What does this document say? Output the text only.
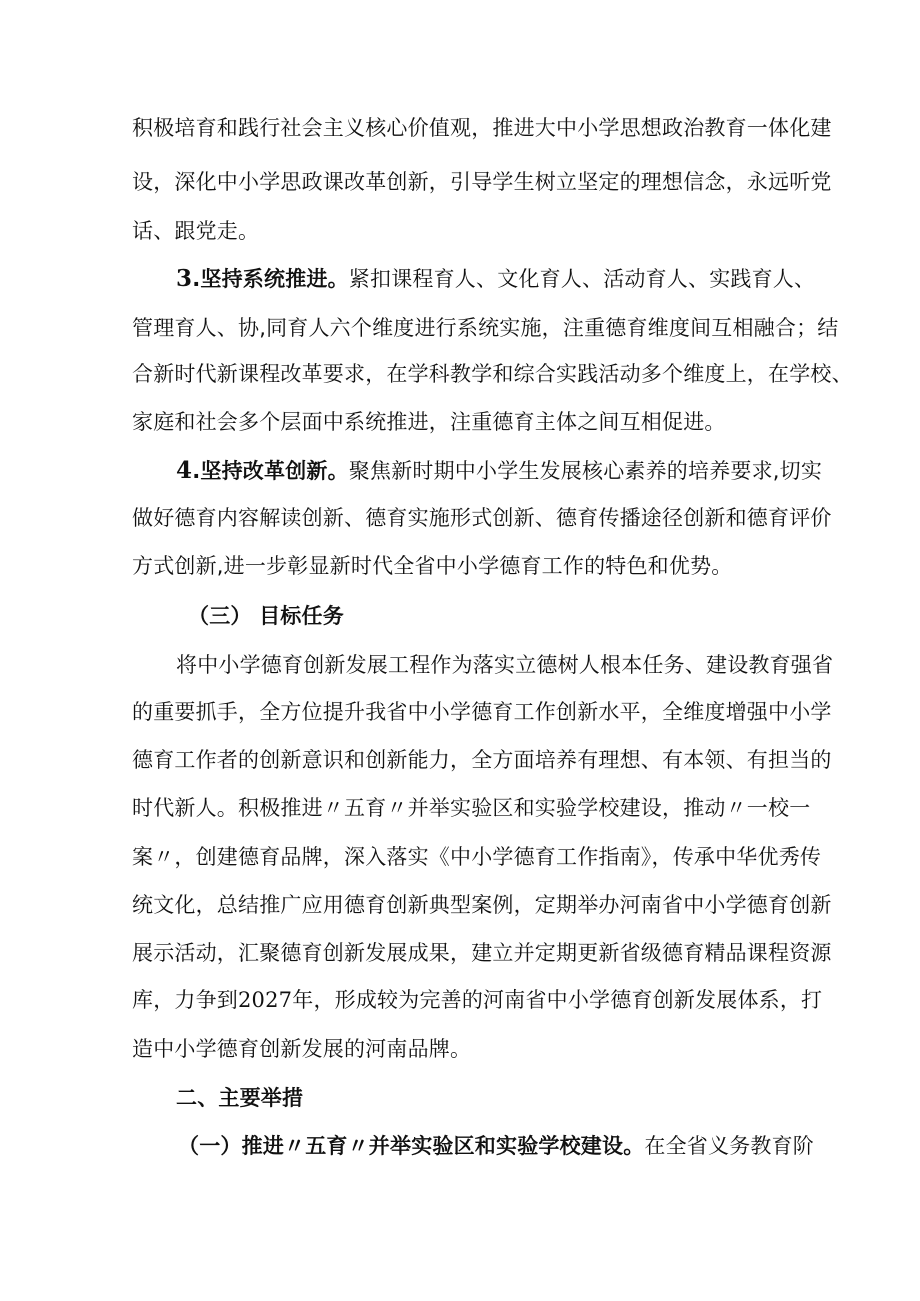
积极培育和践行社会主义核心价值观，推进大中小学思想政治教育一体化建
设，深化中小学思政课改革创新，引导学生树立坚定的理想信念，永远听党
话、跟党走。
3.坚持系统推进。紧扣课程育人、文化育人、活动育人、实践育人、
管理育人、协,同育人六个维度进行系统实施，注重德育维度间互相融合；结
合新时代新课程改革要求，在学科教学和综合实践活动多个维度上，在学校、
家庭和社会多个层面中系统推进，注重德育主体之间互相促进。
4.坚持改革创新。聚焦新时期中小学生发展核心素养的培养要求,切实
做好德育内容解读创新、德育实施形式创新、德育传播途径创新和德育评价
方式创新,进一步彰显新时代全省中小学德育工作的特色和优势。
（三） 目标任务
将中小学德育创新发展工程作为落实立德树人根本任务、建设教育强省
的重要抓手，全方位提升我省中小学德育工作创新水平，全维度增强中小学
德育工作者的创新意识和创新能力，全方面培养有理想、有本领、有担当的
时代新人。积极推进〃五育〃并举实验区和实验学校建设，推动〃一校一
案〃，创建德育品牌，深入落实《中小学德育工作指南》，传承中华优秀传
统文化，总结推广应用德育创新典型案例，定期举办河南省中小学德育创新
展示活动，汇聚德育创新发展成果，建立并定期更新省级德育精品课程资源
库，力争到2027年，形成较为完善的河南省中小学德育创新发展体系，打
造中小学德育创新发展的河南品牌。
二、主要举措
（一）推进〃五育〃并举实验区和实验学校建设。在全省义务教育阶
